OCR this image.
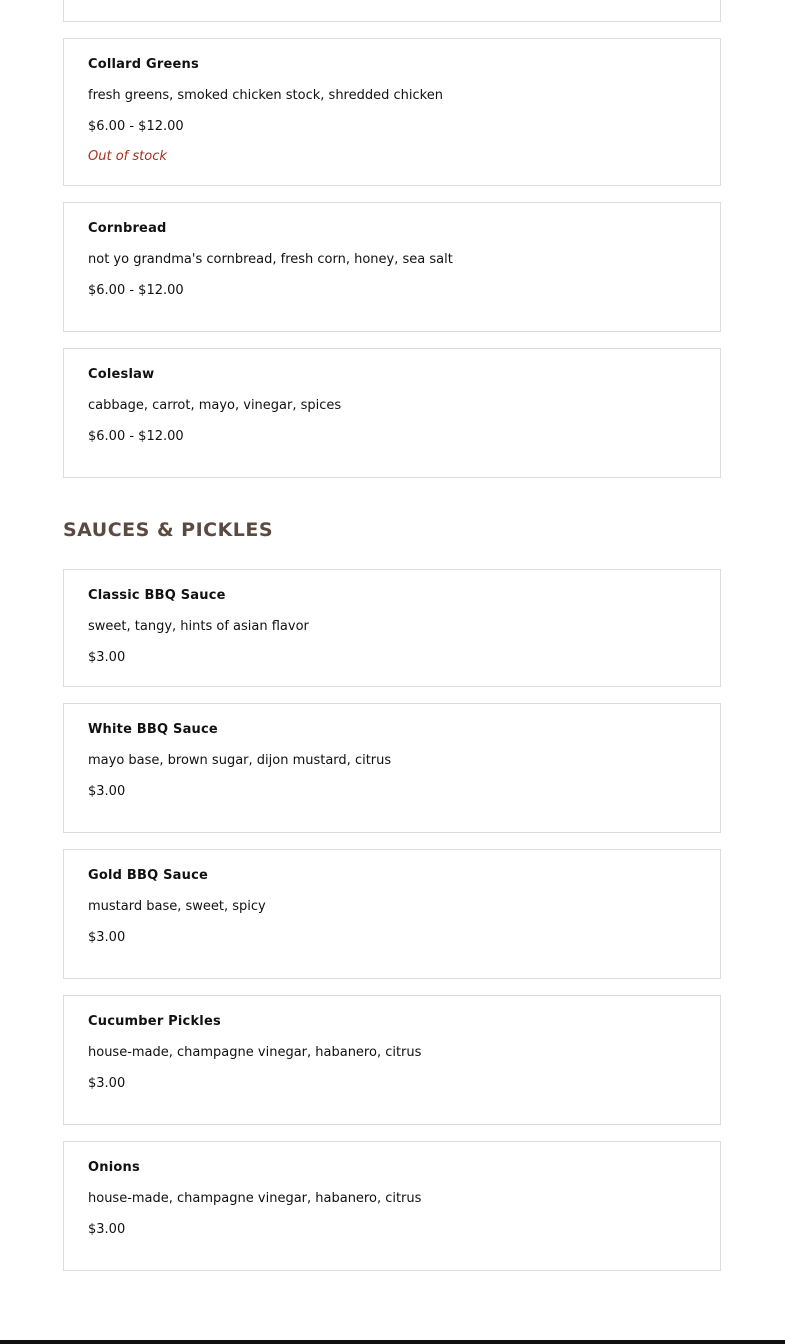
Collard Greens
fresh greens, smoked chicken stock, shredded chicken
$6.00 - $12.00
Out of stock
Cornbread
not yo grandma's cornbread, fresh corn, honey, sea salt
$6.00 - $12.00
Coleslaw
cabbage, carrot, mayo, vinegar, spices
$6.00 - $12.00
SAUCES & PICKLES
Classic BBQ Sauce
sweet, tangy, hints of asian flavor
$3.00
White BBQ Sauce
mayo base, brown sugar, dijon mustard, citrus
$3.00
Gold BBQ Sauce
mustard base, sweet, spicy
$3.00
Cucumber Pickles
house-made, champagne vinegar, habanero, citrus
$3.00
Onions
house-made, champagne vinegar, habanero, citrus
$3.00
